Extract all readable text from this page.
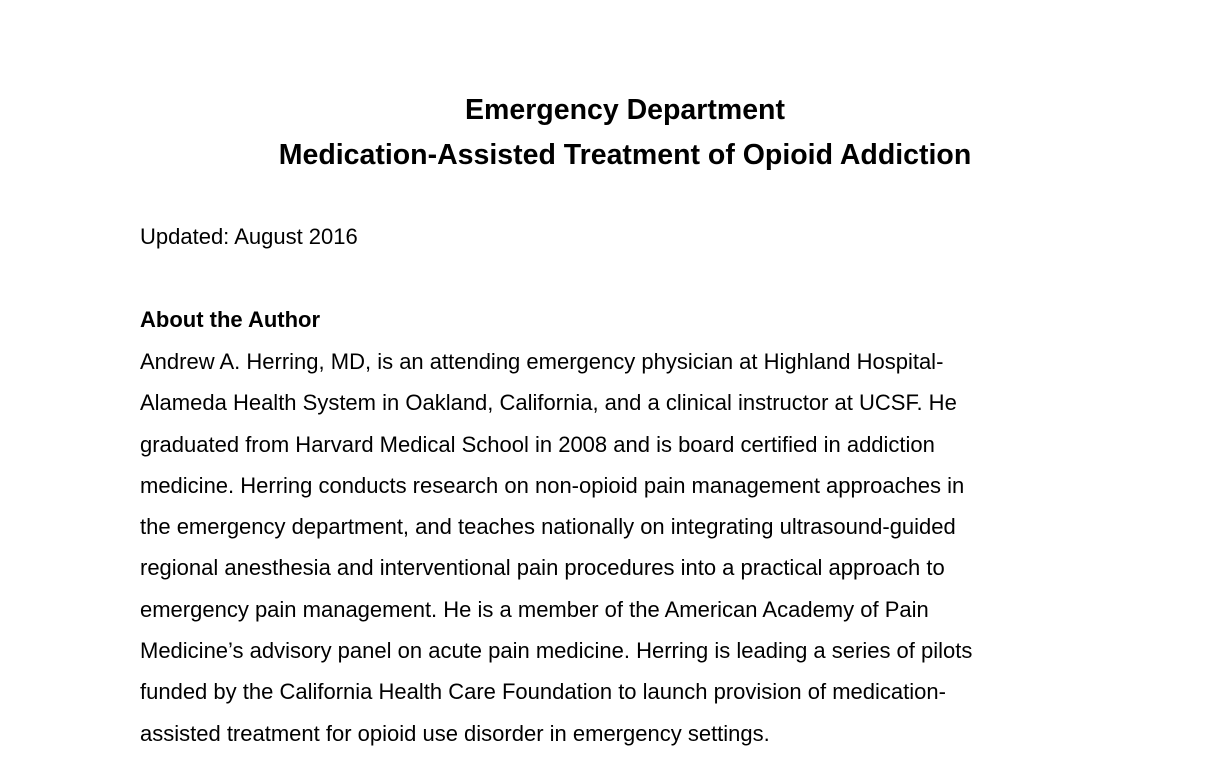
Emergency Department
Medication-Assisted Treatment of Opioid Addiction
Updated: August 2016
About the Author
Andrew A. Herring, MD, is an attending emergency physician at Highland Hospital-
Alameda Health System in Oakland, California, and a clinical instructor at UCSF. He
graduated from Harvard Medical School in 2008 and is board certified in addiction
medicine. Herring conducts research on non-opioid pain management approaches in
the emergency department, and teaches nationally on integrating ultrasound-guided
regional anesthesia and interventional pain procedures into a practical approach to
emergency pain management. He is a member of the American Academy of Pain
Medicine’s advisory panel on acute pain medicine. Herring is leading a series of pilots
funded by the California Health Care Foundation to launch provision of medication-
assisted treatment for opioid use disorder in emergency settings.
